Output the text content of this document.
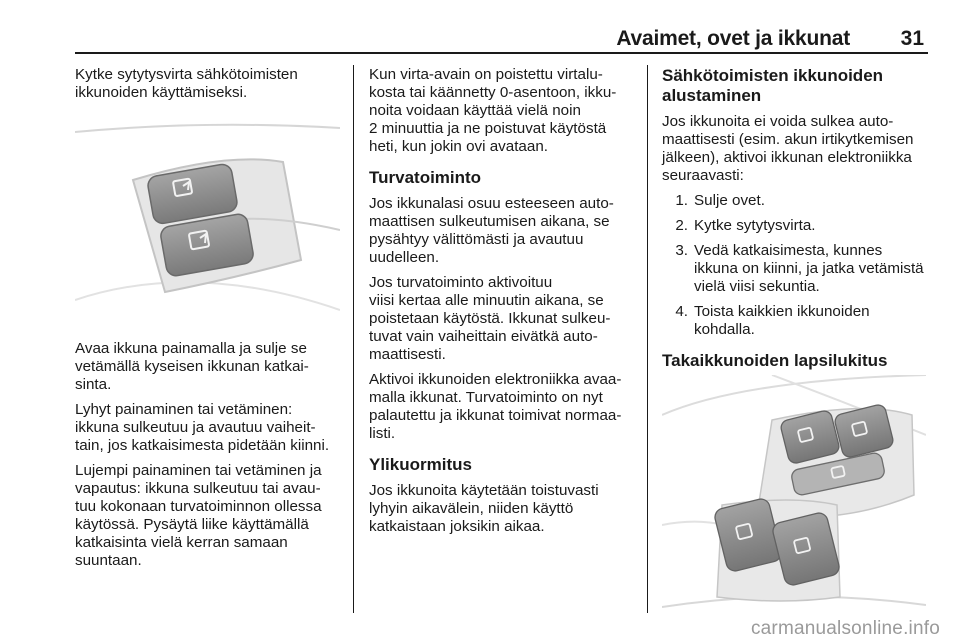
Avaimet, ovet ja ikkunat	31

Kytke sytytysvirta sähkötoimisten
ikkunoiden käyttämiseksi.

Avaa ikkuna painamalla ja sulje se
vetämällä kyseisen ikkunan katkai-
sinta.

Lyhyt painaminen tai vetäminen:
ikkuna sulkeutuu ja avautuu vaiheit-
tain, jos katkaisimesta pidetään kiinni.

Lujempi painaminen tai vetäminen ja
vapautus: ikkuna sulkeutuu tai avau-
tuu kokonaan turvatoiminnon ollessa
käytössä. Pysäytä liike käyttämällä
katkaisinta vielä kerran samaan
suuntaan.

Kun virta-avain on poistettu virtalu-
kosta tai käännetty 0-asentoon, ikku-
noita voidaan käyttää vielä noin
2 minuuttia ja ne poistuvat käytöstä
heti, kun jokin ovi avataan.

Turvatoiminto

Jos ikkunalasi osuu esteeseen auto-
maattisen sulkeutumisen aikana, se
pysähtyy välittömästi ja avautuu
uudelleen.

Jos turvatoiminto aktivoituu
viisi kertaa alle minuutin aikana, se
poistetaan käytöstä. Ikkunat sulkeu-
tuvat vain vaiheittain eivätkä auto-
maattisesti.

Aktivoi ikkunoiden elektroniikka avaa-
malla ikkunat. Turvatoiminto on nyt
palautettu ja ikkunat toimivat normaa-
listi.

Ylikuormitus

Jos ikkunoita käytetään toistuvasti
lyhyin aikavälein, niiden käyttö
katkaistaan joksikin aikaa.

Sähkötoimisten ikkunoiden
alustaminen

Jos ikkunoita ei voida sulkea auto-
maattisesti (esim. akun irtikytkemisen
jälkeen), aktivoi ikkunan elektroniikka
seuraavasti:

1. Sulje ovet.
2. Kytke sytytysvirta.
3. Vedä katkaisimesta, kunnes
ikkuna on kiinni, ja jatka vetämistä
vielä viisi sekuntia.
4. Toista kaikkien ikkunoiden
kohdalla.
Takaikkunoiden lapsilukitus
carmanualsonline.info
